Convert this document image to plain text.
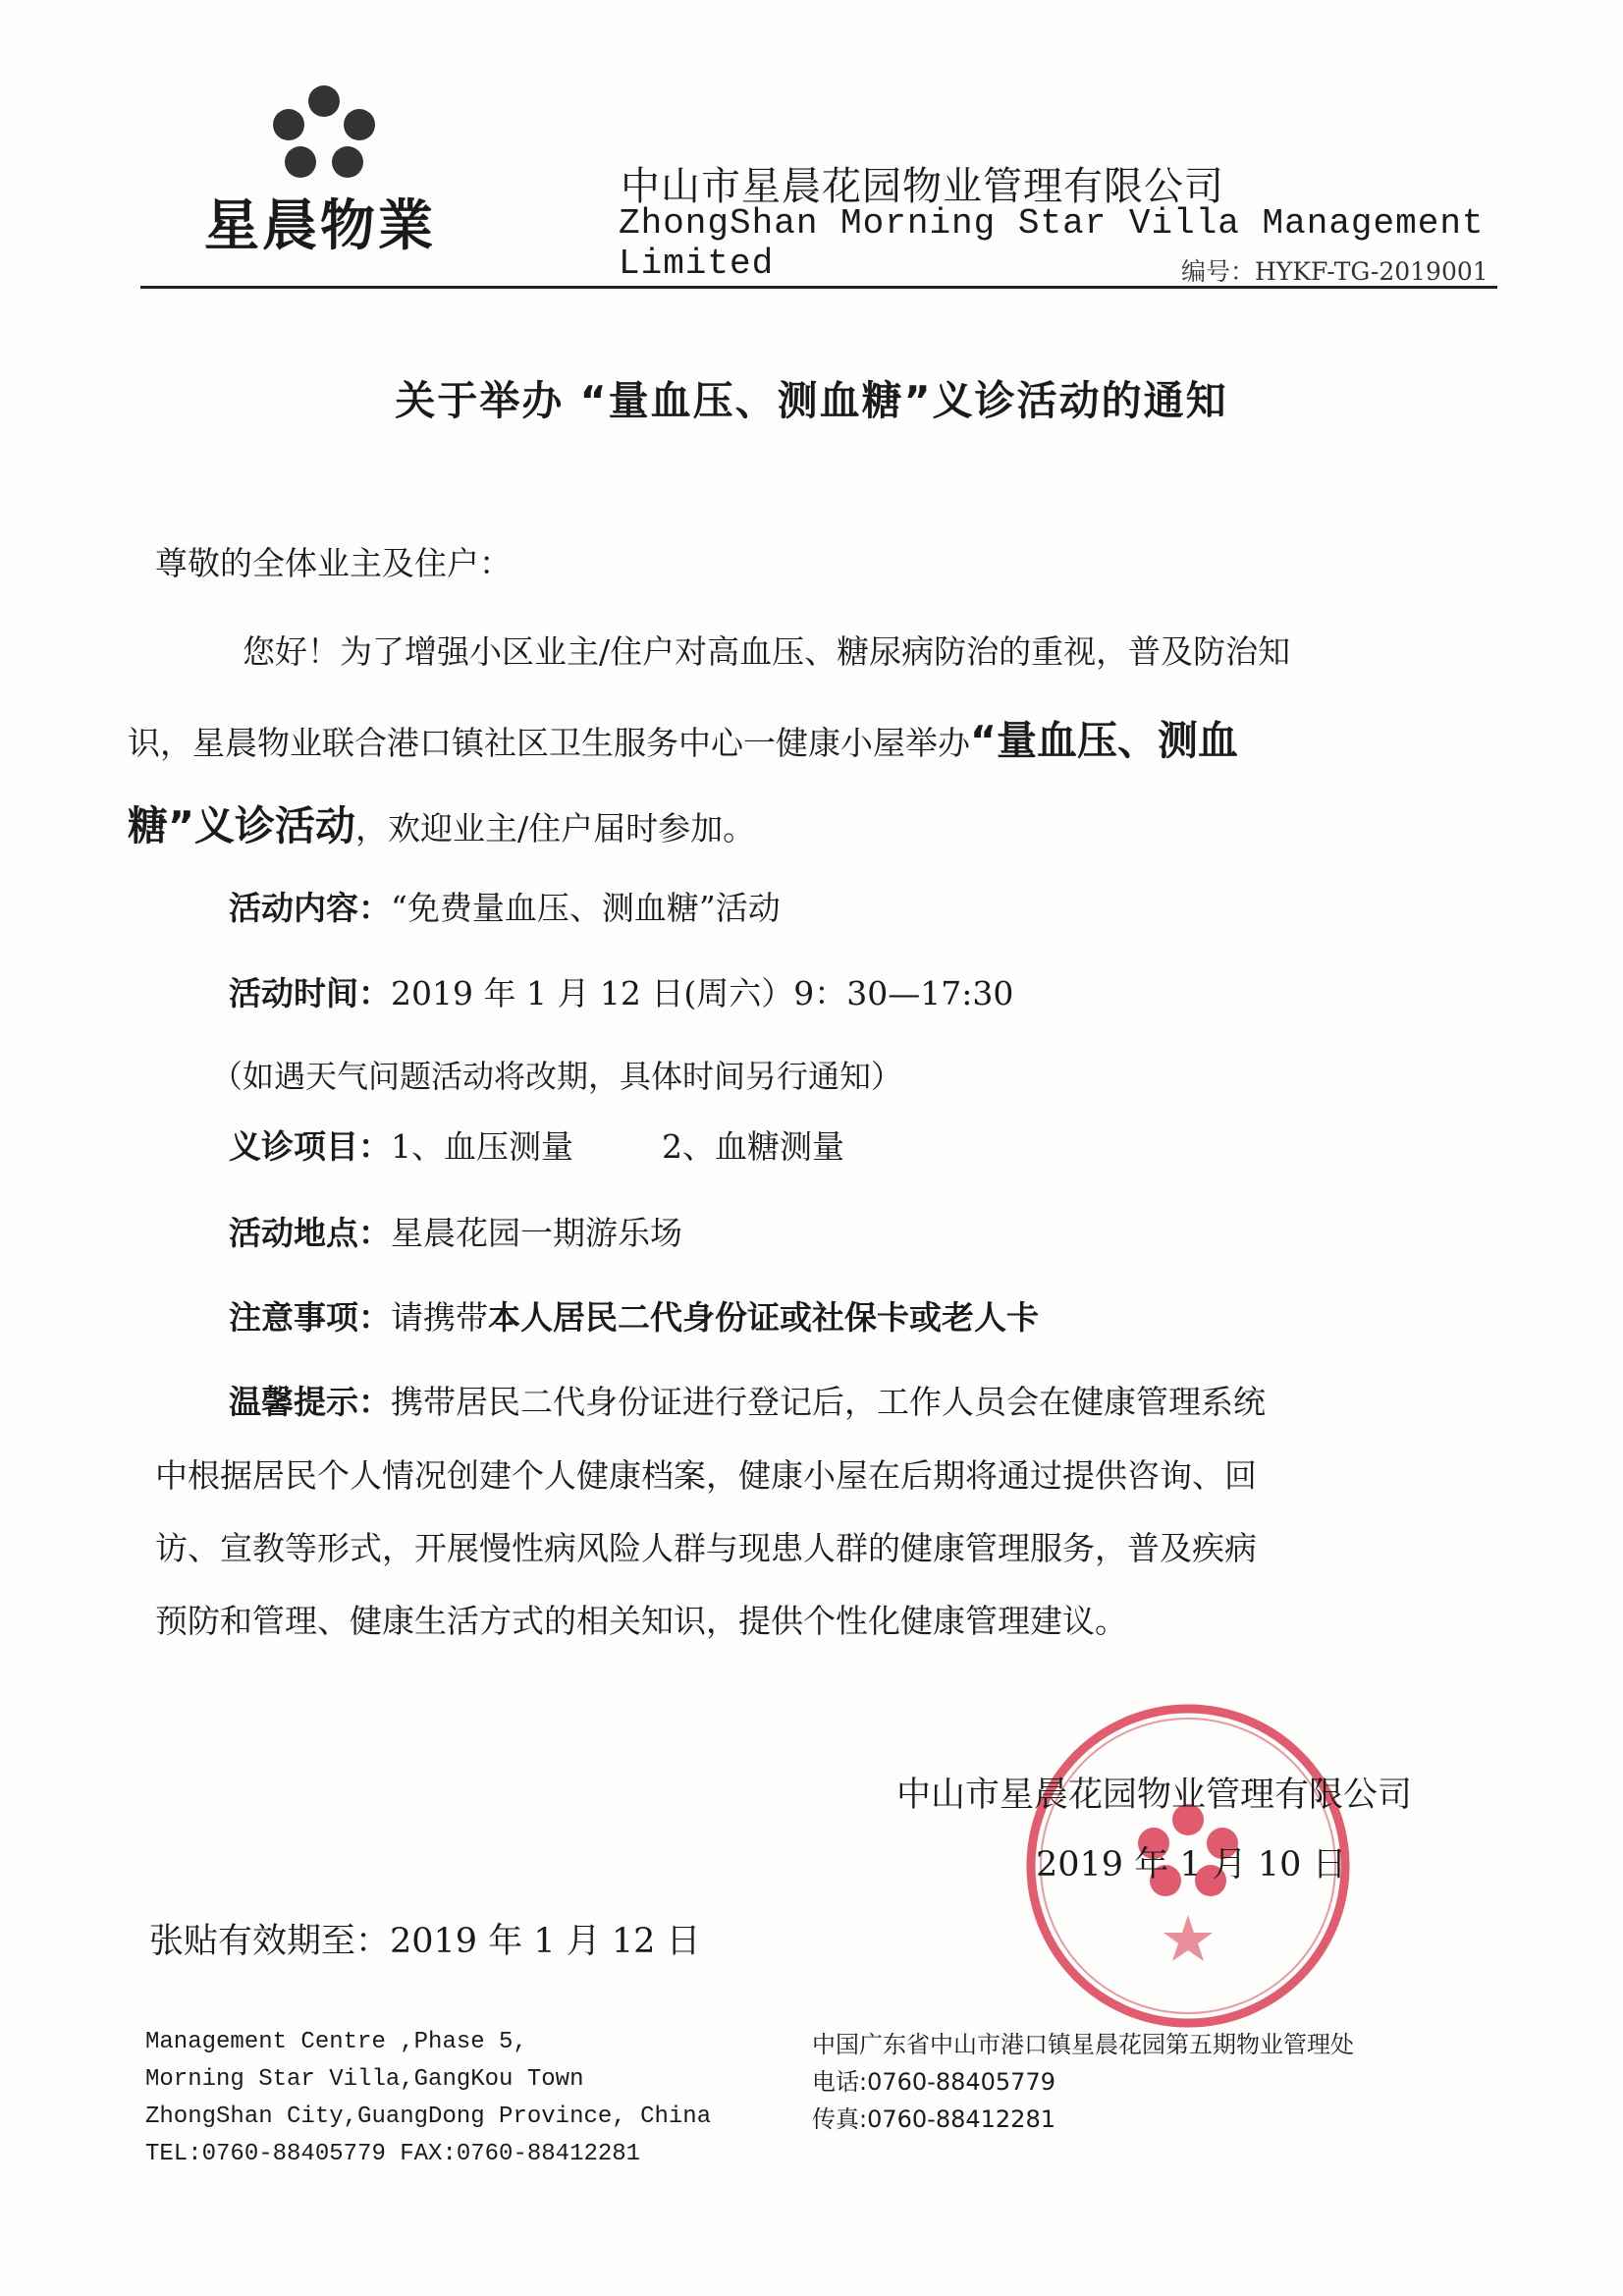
星晨物業
中山市星晨花园物业管理有限公司
ZhongShan Morning Star Villa Management Limited	编号：HYKF-TG-2019001
关于举办 “量血压、测血糖”义诊活动的通知
尊敬的全体业主及住户：
您好！为了增强小区业主/住户对高血压、糖尿病防治的重视，普及防治知
识，星晨物业联合港口镇社区卫生服务中心一健康小屋举办“量血压、测血
糖”义诊活动，欢迎业主/住户届时参加。
活动内容：“免费量血压、测血糖”活动
活动时间：2019 年 1 月 12 日(周六）9：30—17:30
（如遇天气问题活动将改期，具体时间另行通知）
义诊项目：1、血压测量	2、血糖测量
活动地点：星晨花园一期游乐场
注意事项：请携带本人居民二代身份证或社保卡或老人卡
温馨提示：携带居民二代身份证进行登记后，工作人员会在健康管理系统
中根据居民个人情况创建个人健康档案，健康小屋在后期将通过提供咨询、回
访、宣教等形式，开展慢性病风险人群与现患人群的健康管理服务，普及疾病
预防和管理、健康生活方式的相关知识，提供个性化健康管理建议。
中山市星晨花园物业管理有限公司
2019 年 1 月 10 日
张贴有效期至：2019 年 1 月 12 日
Management Centre ,Phase 5,
Morning Star Villa,GangKou Town
ZhongShan City,GuangDong Province, China
TEL:0760-88405779 FAX:0760-88412281
中国广东省中山市港口镇星晨花园第五期物业管理处
电话:0760-88405779
传真:0760-88412281
